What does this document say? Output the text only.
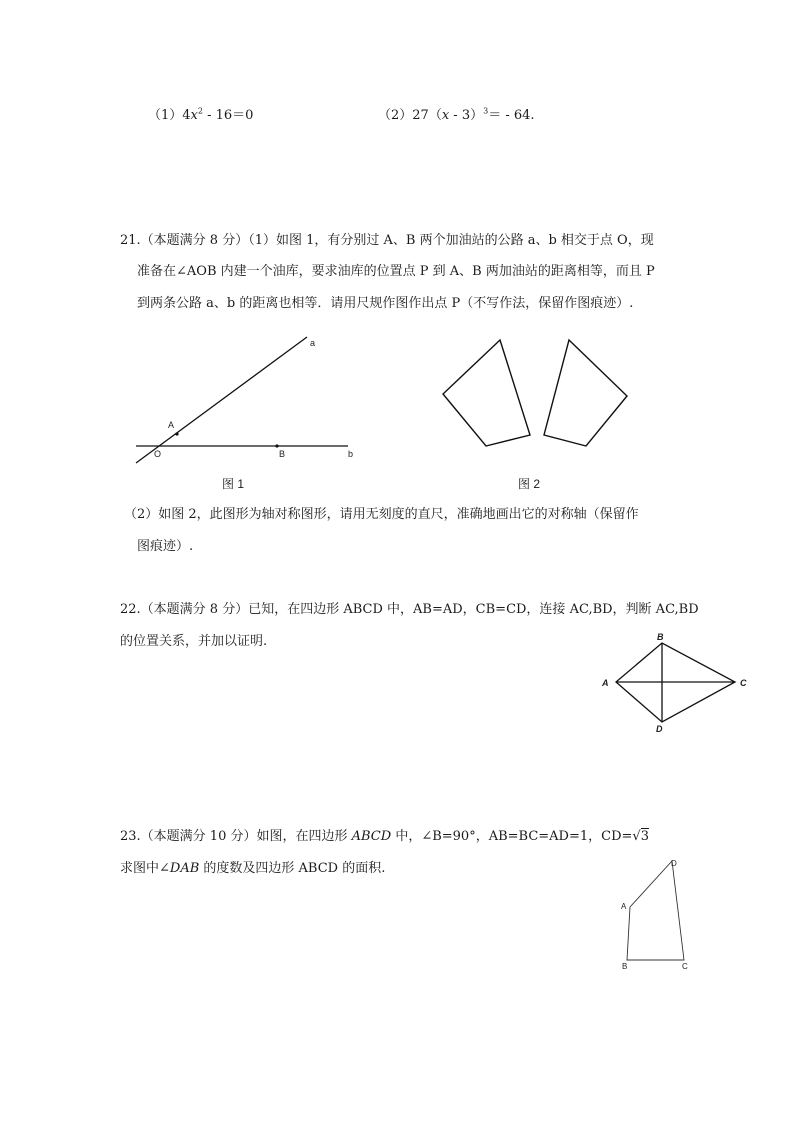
$(1)4x^2 - 16=0$	（2）27（x - 3）$^3$＝ - 64.
21.（本题满分 8 分）（1）如图 1，有分别过 A、B 两个加油站的公路 a、b 相交于点 O，现
准备在∠AOB 内建一个油库，要求油库的位置点 P 到 A、B 两加油站的距离相等，而且 P
到两条公路 a、b 的距离也相等．请用尺规作图作出点 P（不写作法，保留作图痕迹）.
a
A
O	B	b
图 1	图 2
（2）如图 2，此图形为轴对称图形，请用无刻度的直尺，准确地画出它的对称轴（保留作
图痕迹）.
22.（本题满分 8 分）已知，在四边形 ABCD 中，AB=AD，CB=CD，连接 AC,BD，判断 AC,BD
的位置关系，并加以证明.	B
A	C
D
23.（本题满分 10 分）如图，在四边形 ABCD 中，∠B=90°，AB=BC=AD=1，CD=√3
求图中∠DAB 的度数及四边形 ABCD 的面积.	D
A
B	C
